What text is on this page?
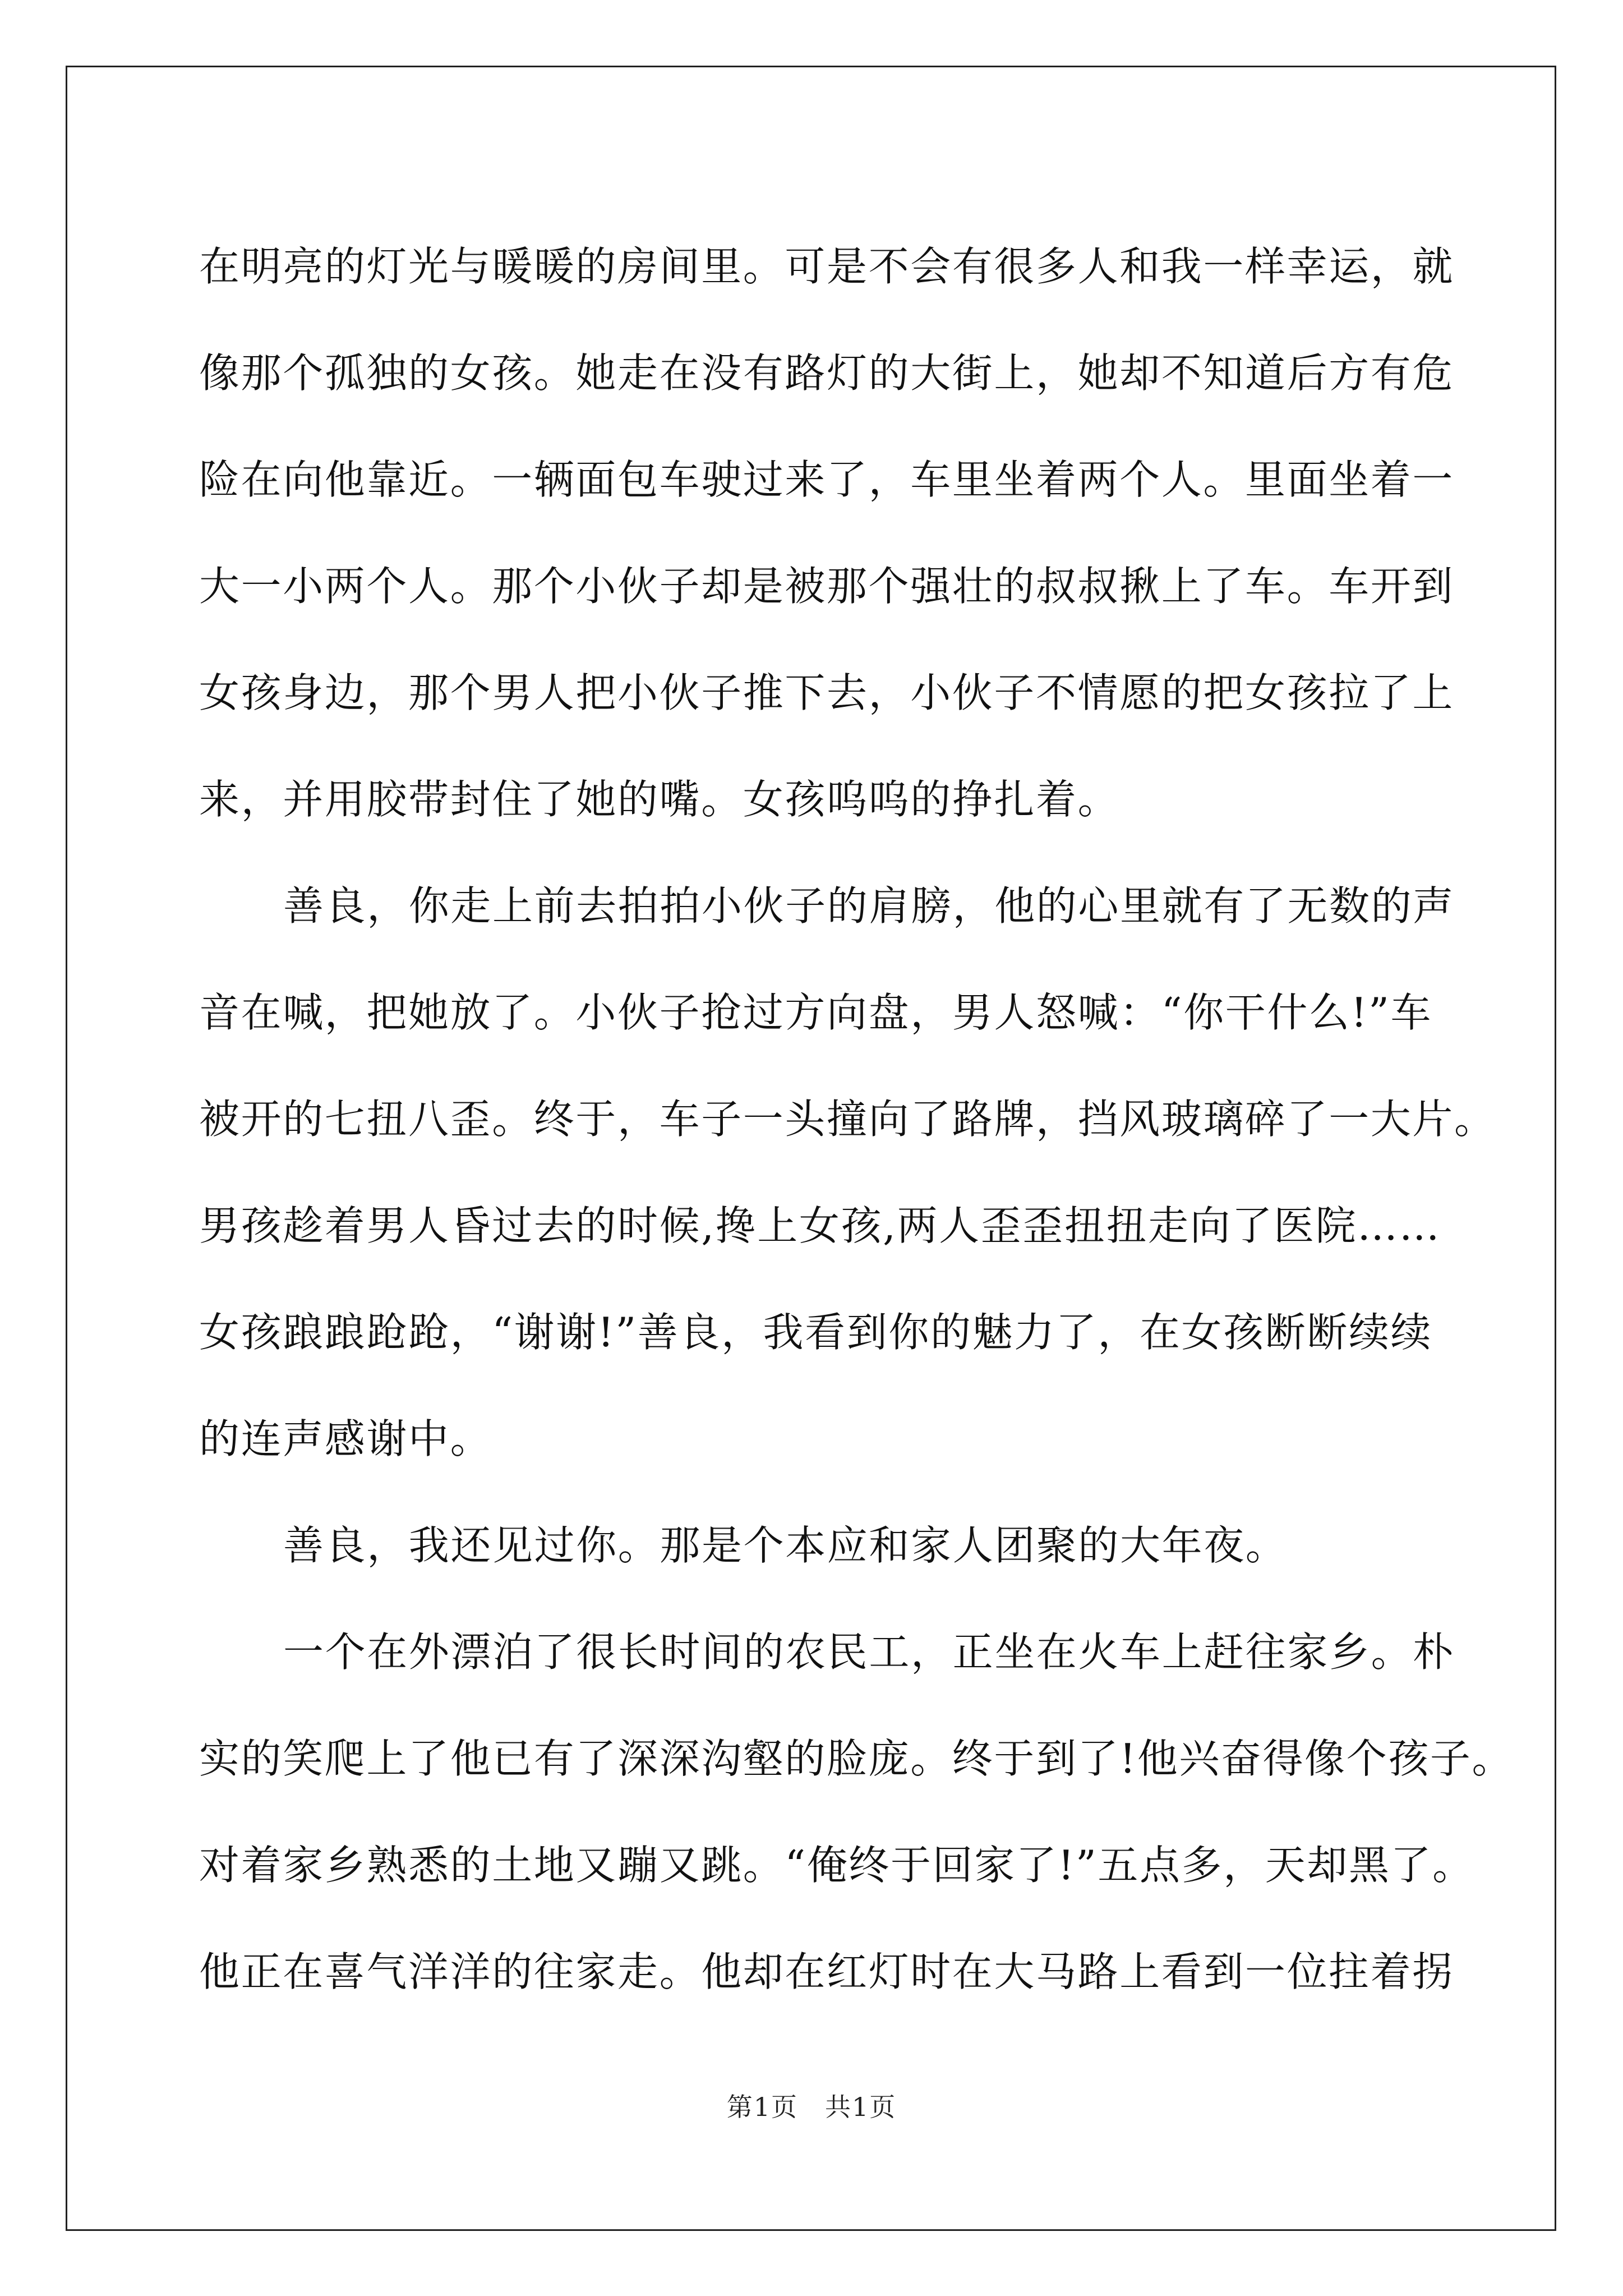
在明亮的灯光与暖暖的房间里。可是不会有很多人和我一样幸运，就
像那个孤独的女孩。她走在没有路灯的大街上，她却不知道后方有危
险在向他靠近。一辆面包车驶过来了，车里坐着两个人。里面坐着一
大一小两个人。那个小伙子却是被那个强壮的叔叔揪上了车。车开到
女孩身边，那个男人把小伙子推下去，小伙子不情愿的把女孩拉了上
来，并用胶带封住了她的嘴。女孩呜呜的挣扎着。
善良，你走上前去拍拍小伙子的肩膀，他的心里就有了无数的声
音在喊，把她放了。小伙子抢过方向盘，男人怒喊：“你干什么!”车
被开的七扭八歪。终于，车子一头撞向了路牌，挡风玻璃碎了一大片。
男孩趁着男人昏过去的时候,搀上女孩,两人歪歪扭扭走向了医院……
女孩踉踉跄跄，“谢谢!”善良，我看到你的魅力了，在女孩断断续续
的连声感谢中。
善良，我还见过你。那是个本应和家人团聚的大年夜。
一个在外漂泊了很长时间的农民工，正坐在火车上赶往家乡。朴
实的笑爬上了他已有了深深沟壑的脸庞。终于到了!他兴奋得像个孩子。
对着家乡熟悉的土地又蹦又跳。“俺终于回家了!”五点多，天却黑了。
他正在喜气洋洋的往家走。他却在红灯时在大马路上看到一位拄着拐
第1页　共1页
